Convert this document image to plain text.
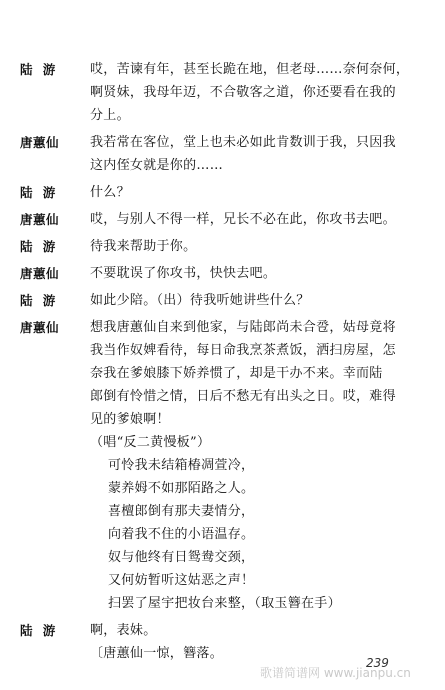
陆  游	哎，苦谏有年，甚至长跪在地，但老母……奈何奈何，
啊贤妹，我母年迈，不合敬客之道，你还要看在我的
分上。
唐蕙仙	我若常在客位，堂上也未必如此肯数训于我，只因我
这内侄女就是你的……
陆  游	什么？
唐蕙仙	哎，与别人不得一样，兄长不必在此，你攻书去吧。
陆  游	待我来帮助于你。
唐蕙仙	不要耽误了你攻书，快快去吧。
陆  游	如此少陪。（出）待我听她讲些什么？
唐蕙仙	想我唐蕙仙自来到他家，与陆郎尚未合卺，姑母竟将
我当作奴婢看待，每日命我烹茶煮饭，洒扫房屋，怎
奈我在爹娘膝下娇养惯了，却是干办不来。幸而陆
郎倒有怜惜之情，日后不愁无有出头之日。哎，难得
见的爹娘啊！
（唱“反二黄慢板”）
可怜我未结箱椿凋萱冷，
蒙养姆不如那陌路之人。
喜檀郎倒有那夫妻情分，
向着我不住的小语温存。
奴与他终有日鸳鸯交颈，
又何妨暂听这姑恶之声！
扫罢了屋宇把妆台来整，（取玉簪在手）
陆  游	啊，表妹。
〔唐蕙仙一惊，簪落。
歌谱简谱网 www.jianpu.cn
239
